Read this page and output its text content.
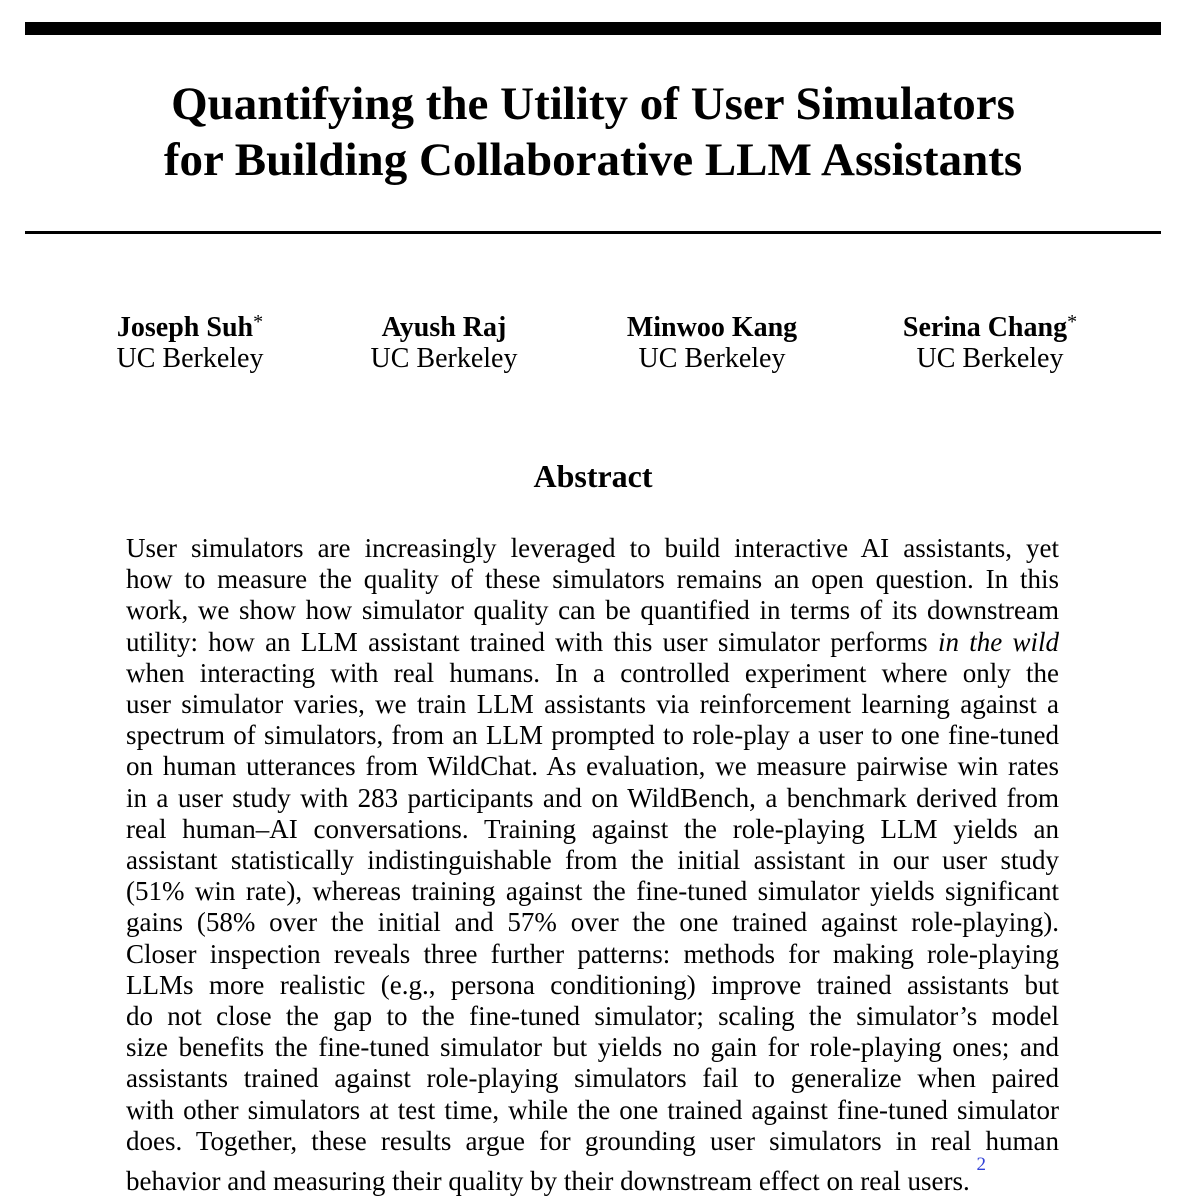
Quantifying the Utility of User Simulators
for Building Collaborative LLM Assistants
Joseph Suh*
UC Berkeley
Ayush Raj
UC Berkeley
Minwoo Kang
UC Berkeley
Serina Chang*
UC Berkeley
Abstract
User simulators are increasingly leveraged to build interactive AI assistants, yet
how to measure the quality of these simulators remains an open question. In this
work, we show how simulator quality can be quantified in terms of its downstream
utility: how an LLM assistant trained with this user simulator performs in the wild
when interacting with real humans. In a controlled experiment where only the
user simulator varies, we train LLM assistants via reinforcement learning against a
spectrum of simulators, from an LLM prompted to role-play a user to one fine-tuned
on human utterances from WildChat. As evaluation, we measure pairwise win rates
in a user study with 283 participants and on WildBench, a benchmark derived from
real human–AI conversations. Training against the role-playing LLM yields an
assistant statistically indistinguishable from the initial assistant in our user study
(51% win rate), whereas training against the fine-tuned simulator yields significant
gains (58% over the initial and 57% over the one trained against role-playing).
Closer inspection reveals three further patterns: methods for making role-playing
LLMs more realistic (e.g., persona conditioning) improve trained assistants but
do not close the gap to the fine-tuned simulator; scaling the simulator’s model
size benefits the fine-tuned simulator but yields no gain for role-playing ones; and
assistants trained against role-playing simulators fail to generalize when paired
with other simulators at test time, while the one trained against fine-tuned simulator
does. Together, these results argue for grounding user simulators in real human
behavior and measuring their quality by their downstream effect on real users. $^{^2}$
